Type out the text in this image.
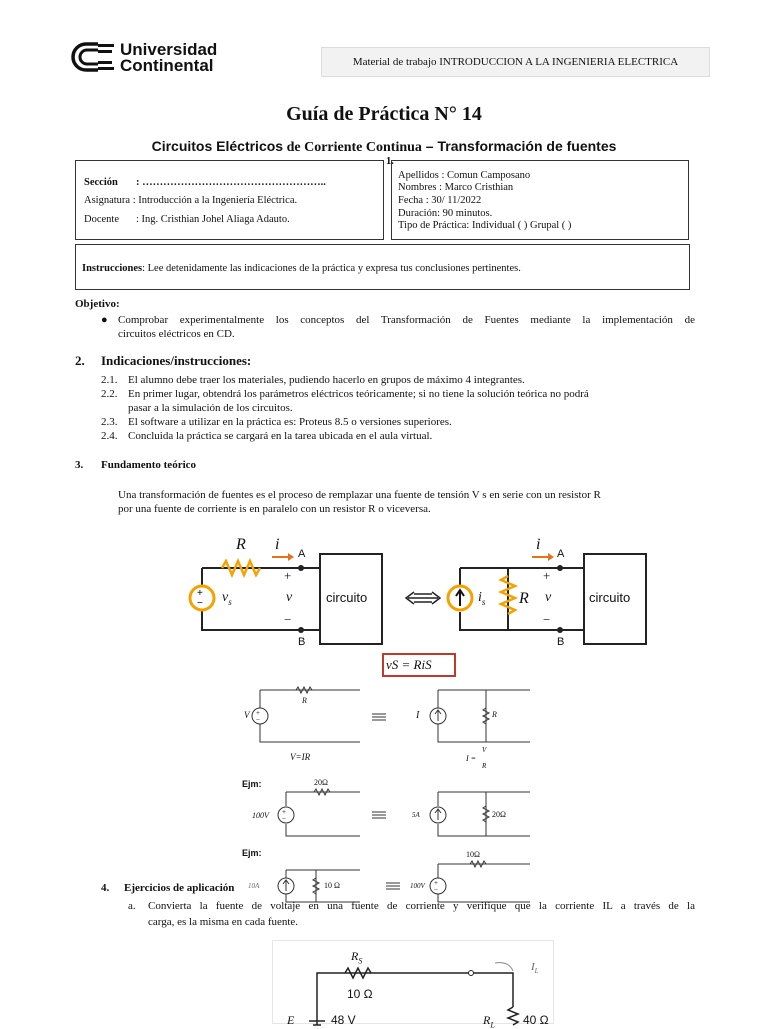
Universidad
Continental	Material de trabajo INTRODUCCION A LA INGENIERIA ELECTRICA
Guía de Práctica N° 14
Circuitos Eléctricos de Corriente Continua – Transformación de fuentes
Sección : ……………………………………………..
Asignatura : Introducción a la Ingeniería Eléctrica.
Docente : Ing. Cristhian Johel Aliaga Adauto.
1.
Apellidos : Comun Camposano
Nombres : Marco Cristhian
Fecha : 30/ 11/2022
Duración: 90 minutos.
Tipo de Práctica: Individual ( ) Grupal ( )
Instrucciones: Lee detenidamente las indicaciones de la práctica y expresa tus conclusiones pertinentes.
Objetivo:
● Comprobar experimentalmente los conceptos del Transformación de Fuentes mediante la implementación de
circuitos eléctricos en CD.
2. Indicaciones/instrucciones:
2.1. El alumno debe traer los materiales, pudiendo hacerlo en grupos de máximo 4 integrantes.
2.2. En primer lugar, obtendrá los parámetros eléctricos teóricamente; si no tiene la solución teórica no podrá
pasar a la simulación de los circuitos.
2.3. El software a utilizar en la práctica es: Proteus 8.5 o versiones superiores.
2.4. Concluida la práctica se cargará en la tarea ubicada en el aula virtual.
3. Fundamento teórico
Una transformación de fuentes es el proceso de remplazar una fuente de tensión V s en serie con un resistor R
por una fuente de corriente is en paralelo con un resistor R o viceversa.
+
−
R i
A
+
v
−
B
$v_s$	circuito
i
A
+
v
−
B
$i_s$ R	circuito
vS = RiS
+
−
+
−
+
−
V
R
I	R
V=IR
V
I =
R
Ejm:	20Ω
100V	5A	20Ω
Ejm:	10Ω
10 Ω	100V
10A
4. Ejercicios de aplicación
a. Convierta la fuente de voltaje en una fuente de corriente y verifique que la corriente IL a través de la
carga, es la misma en cada fuente.
$R_S$
10 Ω
$I_L$
E	48 V	$R_L$ 40 Ω
